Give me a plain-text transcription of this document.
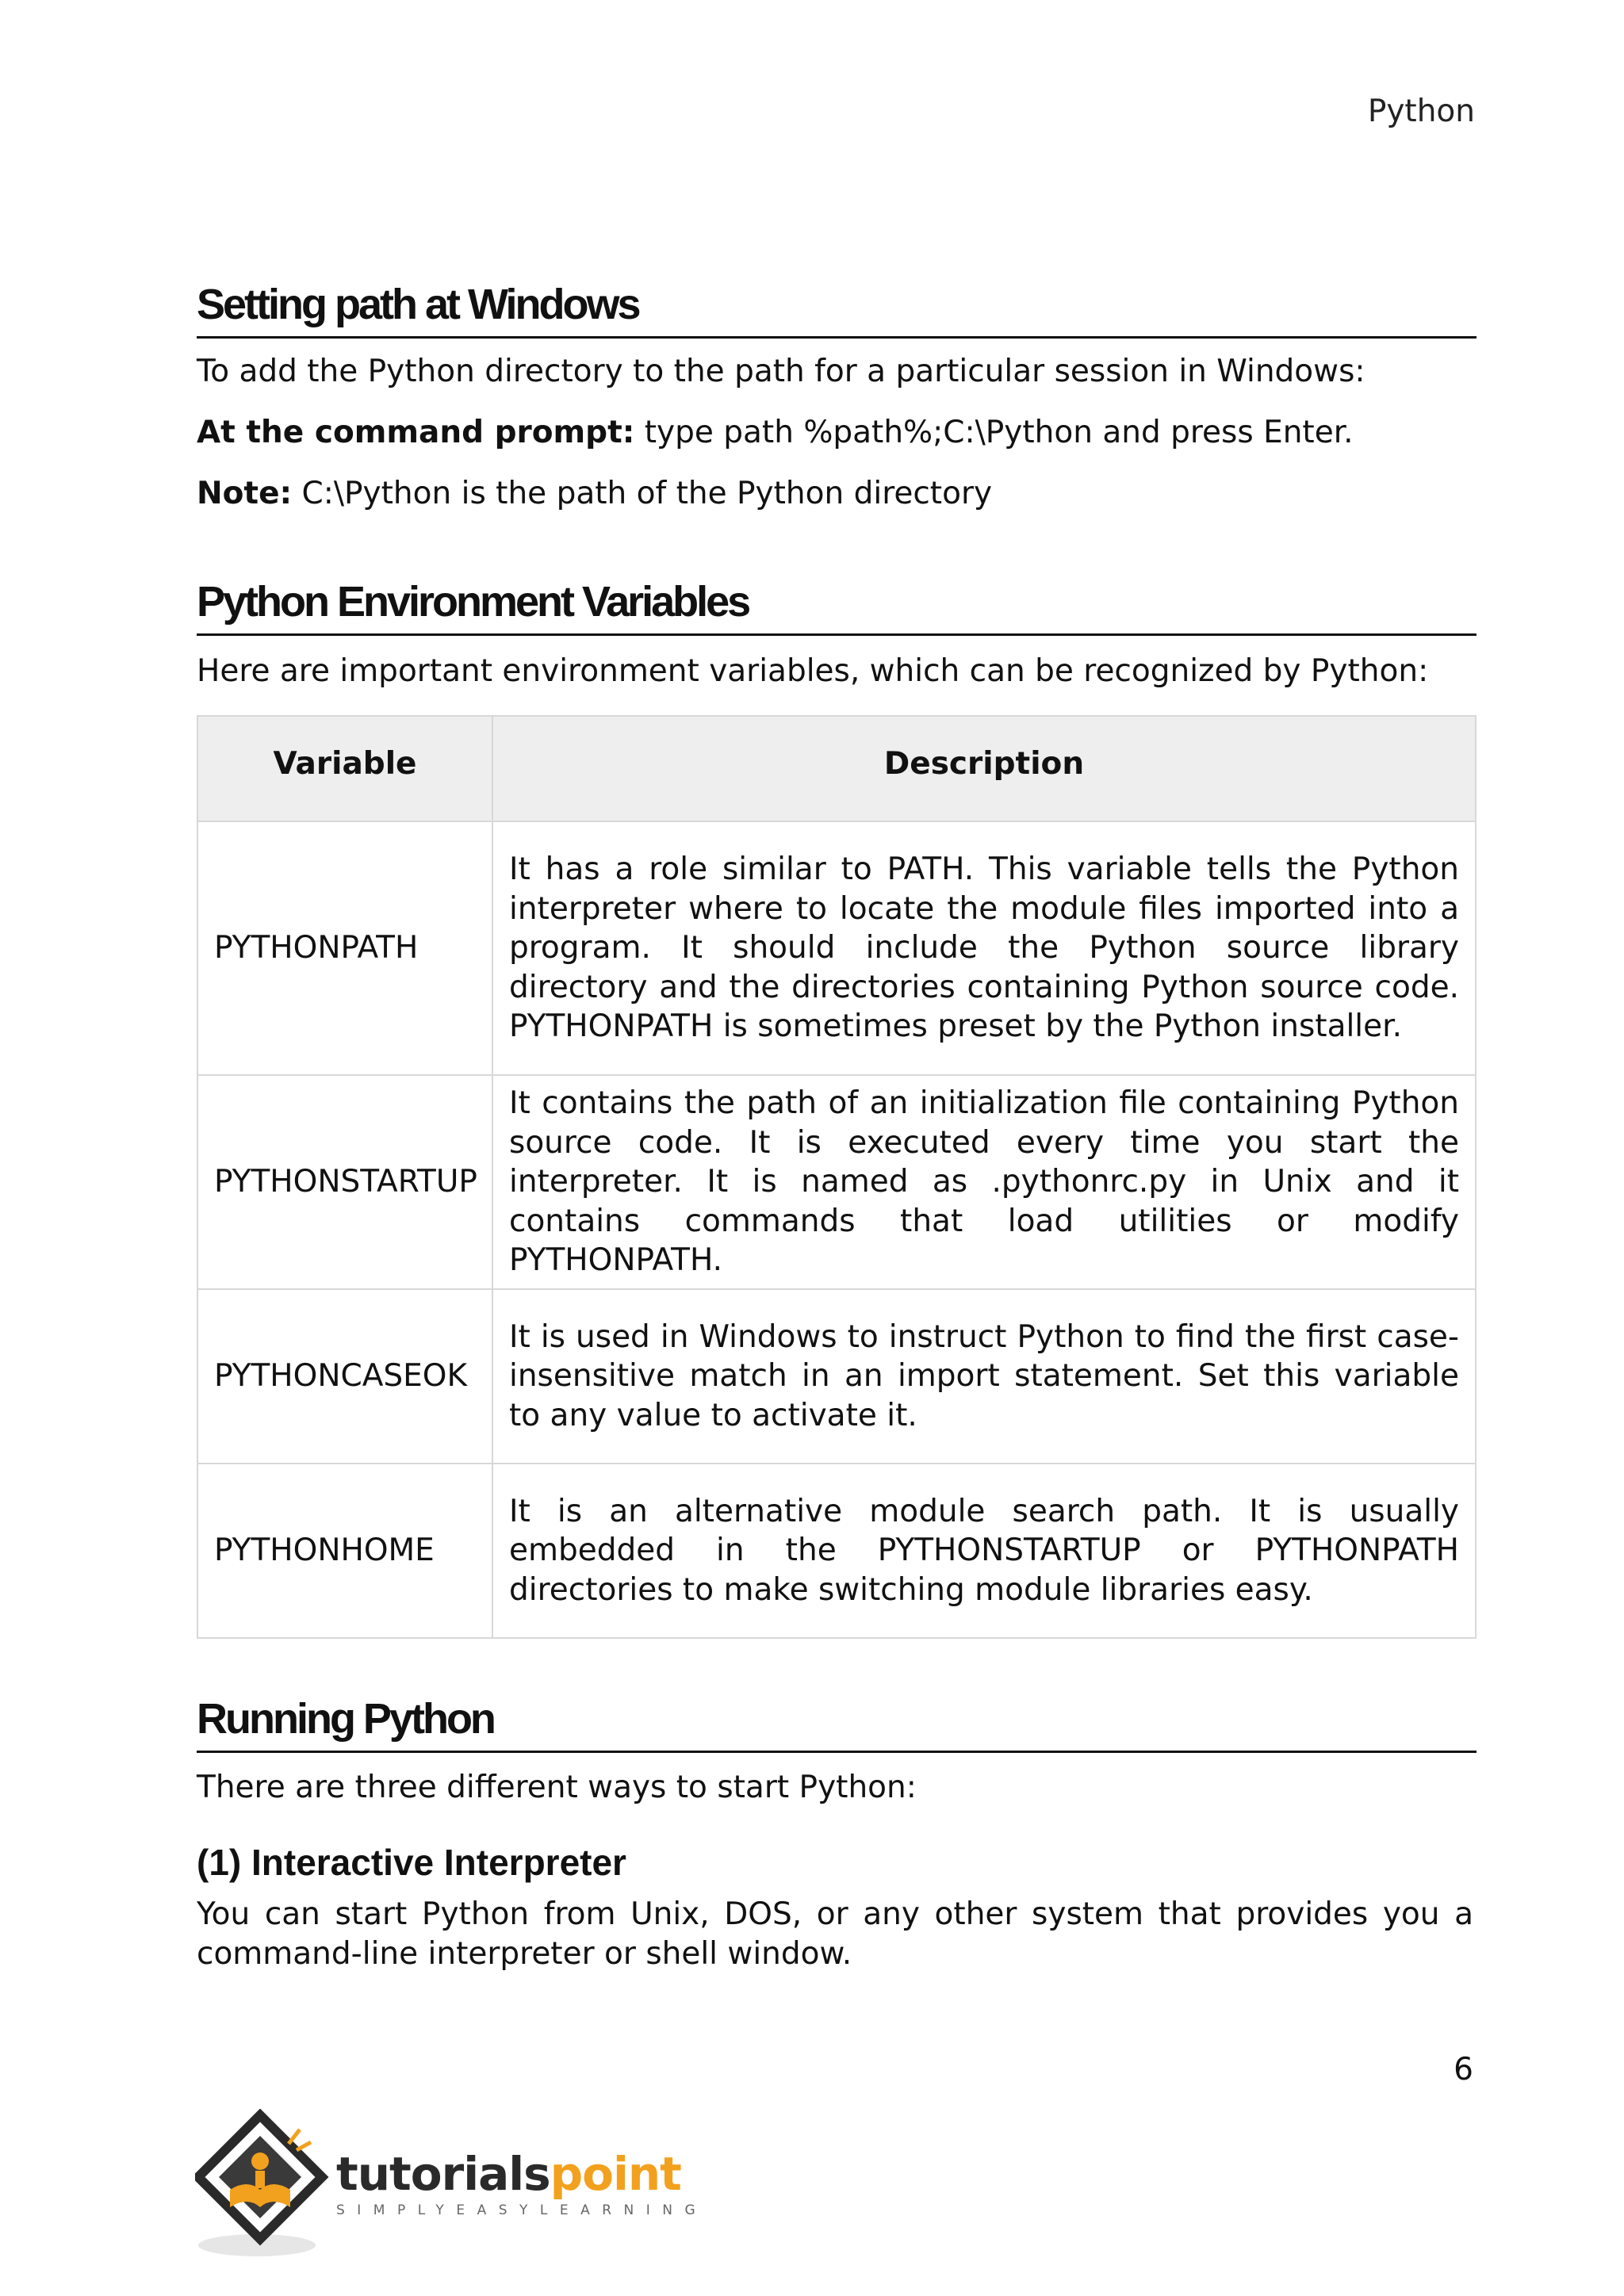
Python
Setting path at Windows

To add the Python directory to the path for a particular session in Windows:

At the command prompt: type path %path%;C:\Python and press Enter.

Note: C:\Python is the path of the Python directory

Python Environment Variables

Here are important environment variables, which can be recognized by Python:

Variable	Description
PYTHONPATH	It has a role similar to PATH. This variable tells the Python interpreter where to locate the module files imported into a program. It should include the Python source library directory and the directories containing Python source code. PYTHONPATH is sometimes preset by the Python installer.
PYTHONSTARTUP	It contains the path of an initialization file containing Python source code. It is executed every time you start the interpreter. It is named as .pythonrc.py in Unix and it contains commands that load utilities or modify PYTHONPATH.
PYTHONCASEOK	It is used in Windows to instruct Python to find the first case-insensitive match in an import statement. Set this variable to any value to activate it.
PYTHONHOME	It is an alternative module search path. It is usually embedded in the PYTHONSTARTUP or PYTHONPATH directories to make switching module libraries easy.
Running Python

There are three different ways to start Python:

(1) Interactive Interpreter

You can start Python from Unix, DOS, or any other system that provides you a command-line interpreter or shell window.

6
tutorialspoint
SIMPLYEASYLEARNING
